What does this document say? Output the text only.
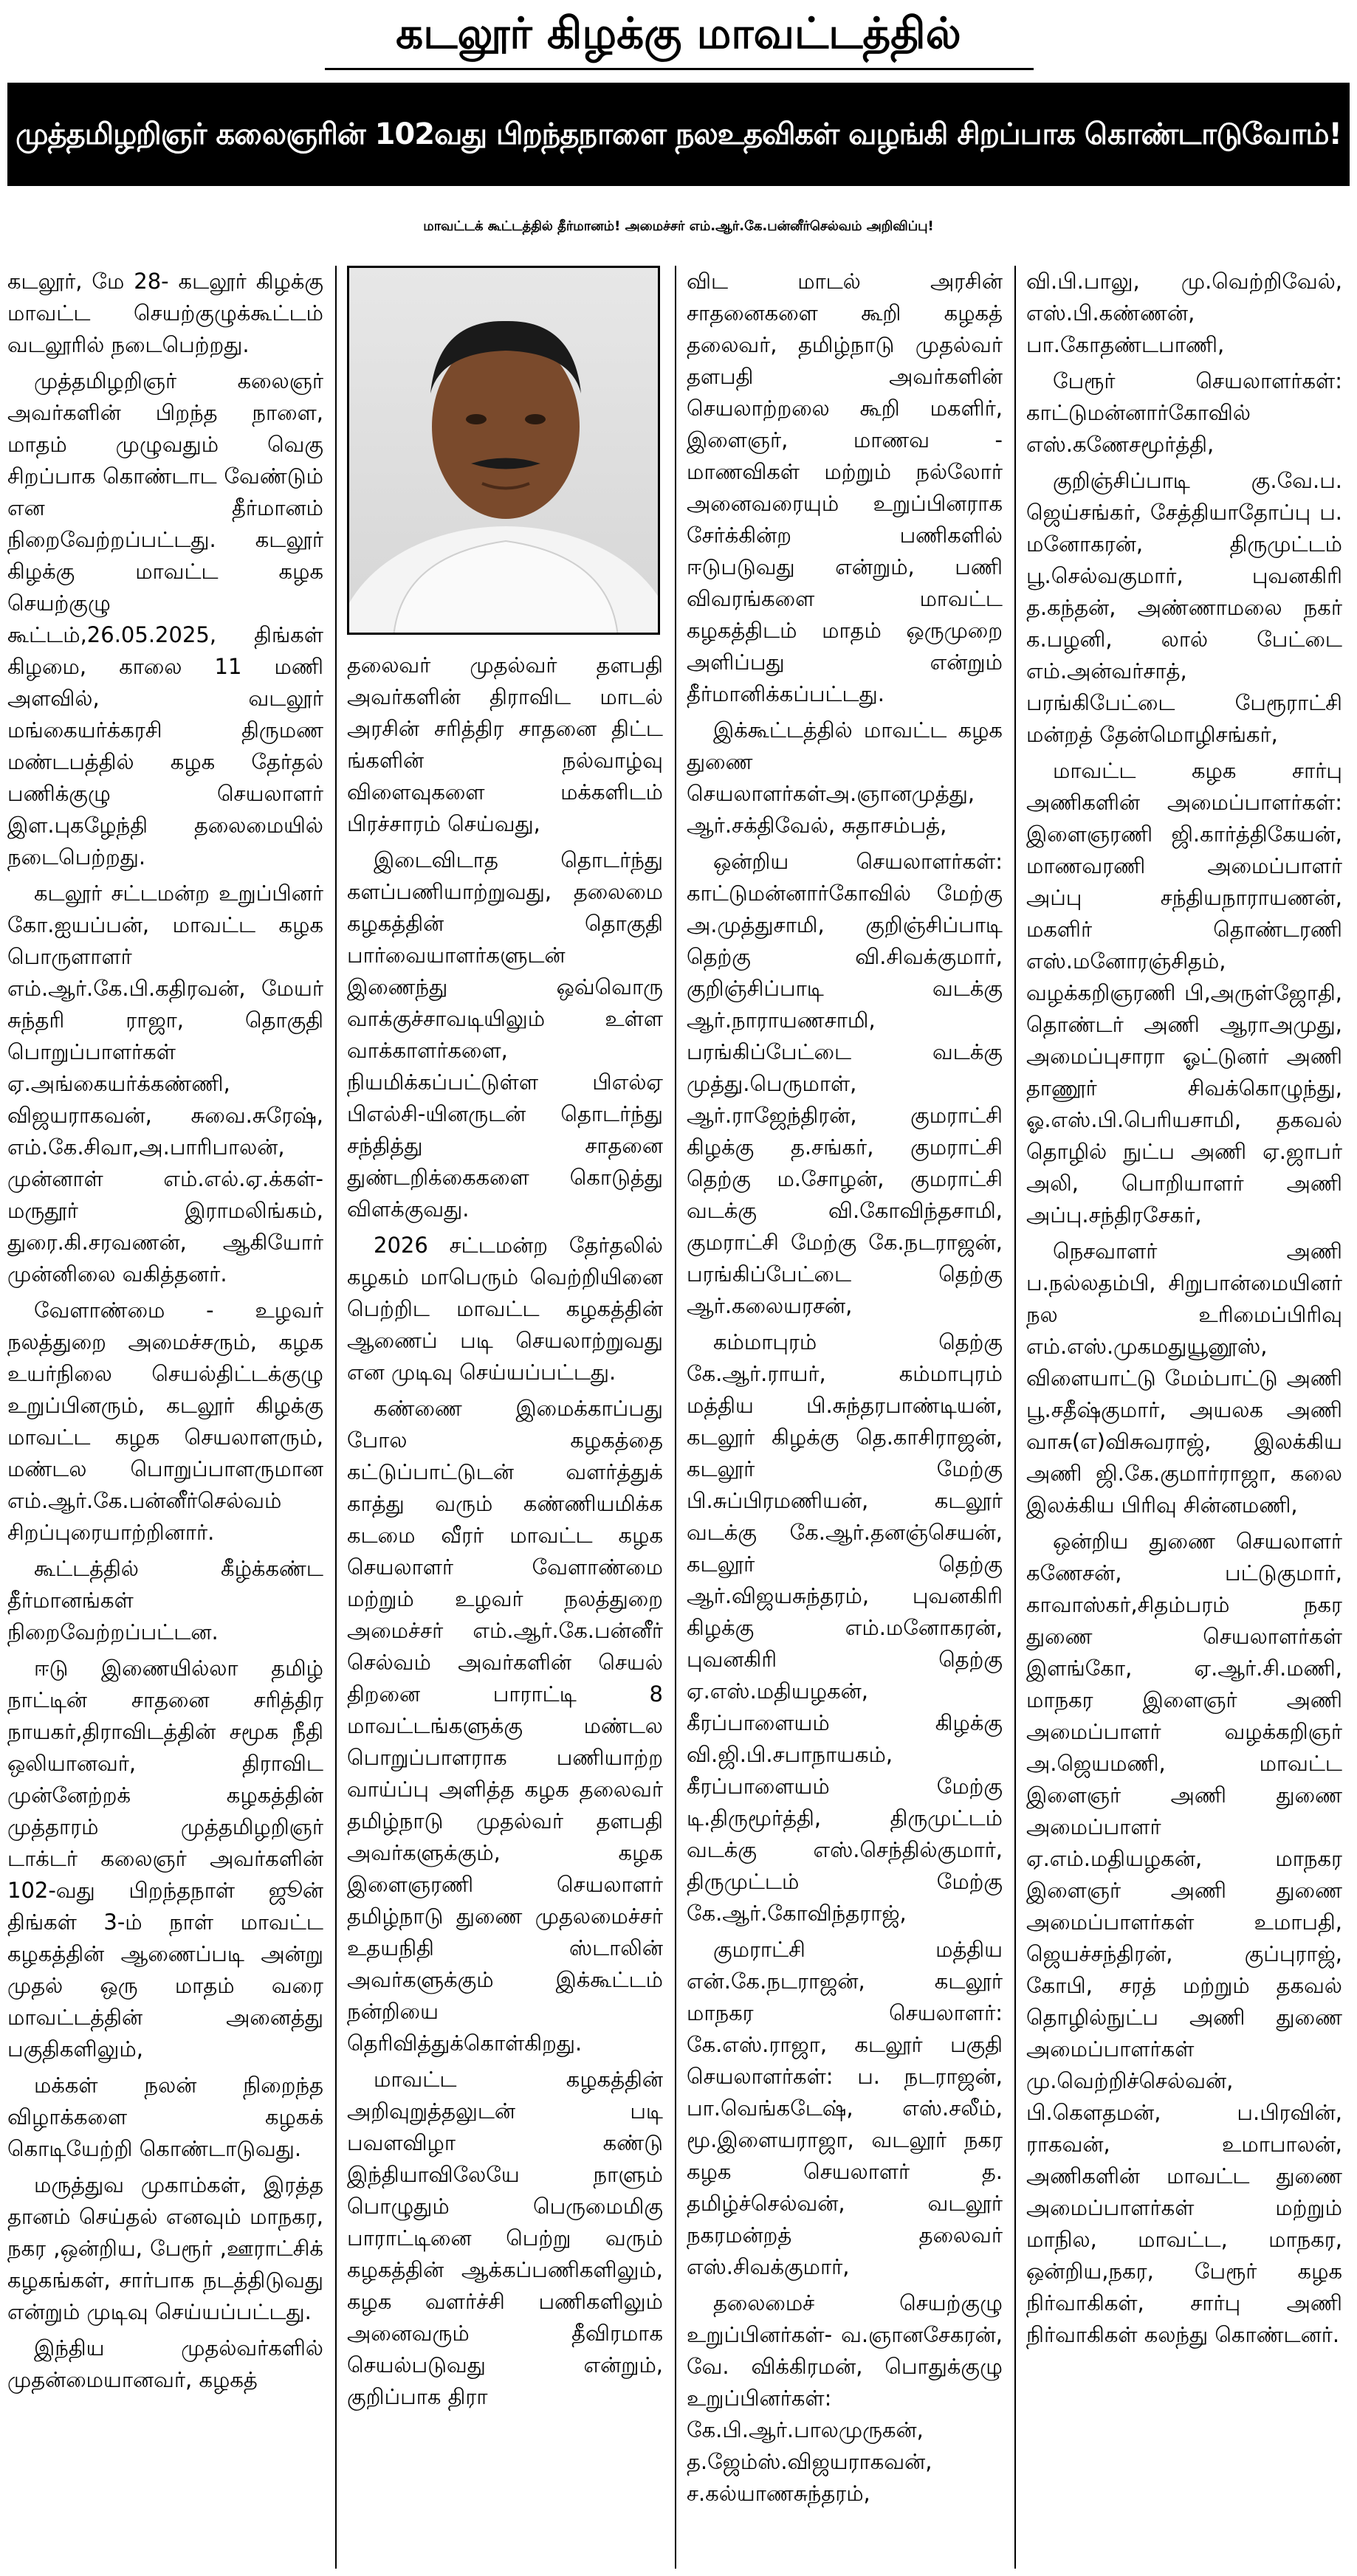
கடலூர் கிழக்கு மாவட்டத்தில்
முத்தமிழறிஞர் கலைஞரின் 102வது பிறந்தநாளை நலஉதவிகள் வழங்கி சிறப்பாக கொண்டாடுவோம்!
மாவட்டக் கூட்டத்தில் தீர்மானம்! அமைச்சர் எம்.ஆர்.கே.பன்னீர்செல்வம் அறிவிப்பு!

கடலூர், மே 28- கடலூர் கிழக்கு மாவட்ட செயற்குழுக்கூட்டம் வடலூரில் நடைபெற்றது.

முத்தமிழறிஞர் கலைஞர் அவர்களின் பிறந்த நாளை, மாதம் முழுவதும் வெகு சிறப்பாக கொண்டாட வேண்டும் என தீர்மானம் நிறைவேற்றப்பட்டது. கடலூர் கிழக்கு மாவட்ட கழக செயற்குழு கூட்டம்,26.05.2025, திங்கள் கிழமை, காலை 11 மணி அளவில், வடலூர் மங்கையர்க்கரசி திருமண மண்டபத்தில் கழக தேர்தல் பணிக்குழு செயலாளர் இள.புகழேந்தி தலைமையில் நடைபெற்றது.

கடலூர் சட்டமன்ற உறுப்பினர் கோ.ஐயப்பன், மாவட்ட கழக பொருளாளர் எம்.ஆர்.கே.பி.கதிரவன், மேயர் சுந்தரி ராஜா, தொகுதி பொறுப்பாளர்கள் ஏ.அங்கையர்க்கண்ணி, விஜயராகவன், சுவை.சுரேஷ், எம்.கே.சிவா,அ.பாரிபாலன், முன்னாள் எம்.எல்.ஏ.க்கள்- மருதூர் இராமலிங்கம், துரை.கி.சரவணன், ஆகியோர் முன்னிலை வகித்தனர்.

வேளாண்மை - உழவர் நலத்துறை அமைச்சரும், கழக உயர்நிலை செயல்திட்டக்குழு உறுப்பினரும், கடலூர் கிழக்கு மாவட்ட கழக செயலாளரும், மண்டல பொறுப்பாளருமான எம்.ஆர்.கே.பன்னீர்செல்வம் சிறப்புரையாற்றினார்.

கூட்டத்தில் கீழ்க்கண்ட தீர்மானங்கள் நிறைவேற்றப்பட்டன.

ஈடு இணையில்லா தமிழ் நாட்டின் சாதனை சரித்திர நாயகர்,திராவிடத்தின் சமூக நீதி ஒலியானவர், திராவிட முன்னேற்றக் கழகத்தின் முத்தாரம் முத்தமிழறிஞர் டாக்டர் கலைஞர் அவர்களின் 102-வது பிறந்தநாள் ஜூன் திங்கள் 3-ம் நாள் மாவட்ட கழகத்தின் ஆணைப்படி அன்று முதல் ஒரு மாதம் வரை மாவட்டத்தின் அனைத்து பகுதிகளிலும்,

மக்கள் நலன் நிறைந்த விழாக்களை கழகக் கொடியேற்றி கொண்டாடுவது.

மருத்துவ முகாம்கள், இரத்த தானம் செய்தல் எனவும் மாநகர, நகர ,ஒன்றிய, பேரூர் ,ஊராட்சிக் கழகங்கள், சார்பாக நடத்திடுவது என்றும் முடிவு செய்யப்பட்டது.

இந்திய முதல்வர்களில் முதன்மையானவர், கழகத்

தலைவர் முதல்வர் தளபதி அவர்களின் திராவிட மாடல் அரசின் சரித்திர சாதனை திட்ட ங்களின் நல்வாழ்வு விளைவுகளை மக்களிடம் பிரச்சாரம் செய்வது,

இடைவிடாத தொடர்ந்து களப்பணியாற்றுவது, தலைமை கழகத்தின் தொகுதி பார்வையாளர்களுடன் இணைந்து ஒவ்வொரு வாக்குச்சாவடியிலும் உள்ள வாக்காளர்களை, நியமிக்கப்பட்டுள்ள பிஎல்ஏ பிஎல்சி-யினருடன் தொடர்ந்து சந்தித்து சாதனை துண்டறிக்கைகளை கொடுத்து விளக்குவது.

2026 சட்டமன்ற தேர்தலில் கழகம் மாபெரும் வெற்றியினை பெற்றிட மாவட்ட கழகத்தின் ஆணைப் படி செயலாற்றுவது என முடிவு செய்யப்பட்டது.

கண்ணை இமைக்காப்பது போல கழகத்தை கட்டுப்பாட்டுடன் வளர்த்துக் காத்து வரும் கண்ணியமிக்க கடமை வீரர் மாவட்ட கழக செயலாளர் வேளாண்மை மற்றும் உழவர் நலத்துறை அமைச்சர் எம்.ஆர்.கே.பன்னீர் செல்வம் அவர்களின் செயல் திறனை பாராட்டி 8 மாவட்டங்களுக்கு மண்டல பொறுப்பாளராக பணியாற்ற வாய்ப்பு அளித்த கழக தலைவர் தமிழ்நாடு முதல்வர் தளபதி அவர்களுக்கும், கழக இளைஞரணி செயலாளர் தமிழ்நாடு துணை முதலமைச்சர் உதயநிதி ஸ்டாலின் அவர்களுக்கும் இக்கூட்டம் நன்றியை தெரிவித்துக்கொள்கிறது.

மாவட்ட கழகத்தின் அறிவுறுத்தலுடன் படி பவளவிழா கண்டு இந்தியாவிலேயே நாளும் பொழுதும் பெருமைமிகு பாராட்டினை பெற்று வரும் கழகத்தின் ஆக்கப்பணிகளிலும், கழக வளர்ச்சி பணிகளிலும் அனைவரும் தீவிரமாக செயல்படுவது என்றும், குறிப்பாக திரா

விட மாடல் அரசின் சாதனைகளை கூறி கழகத் தலைவர், தமிழ்நாடு முதல்வர் தளபதி அவர்களின் செயலாற்றலை கூறி மகளிர், இளைஞர், மாணவ - மாணவிகள் மற்றும் நல்லோர் அனைவரையும் உறுப்பினராக சேர்க்கின்ற பணிகளில் ஈடுபடுவது என்றும், பணி விவரங்களை மாவட்ட கழகத்திடம் மாதம் ஒருமுறை அளிப்பது என்றும் தீர்மானிக்கப்பட்டது.

இக்கூட்டத்தில் மாவட்ட கழக துணை செயலாளர்கள்அ.ஞானமுத்து, ஆர்.சக்திவேல், சுதாசம்பத்,

ஒன்றிய செயலாளர்கள்: காட்டுமன்னார்கோவில் மேற்கு அ.முத்துசாமி, குறிஞ்சிப்பாடி தெற்கு வி.சிவக்குமார், குறிஞ்சிப்பாடி வடக்கு ஆர்.நாராயணசாமி, பரங்கிப்பேட்டை வடக்கு முத்து.பெருமாள், ஆர்.ராஜேந்திரன், குமராட்சி கிழக்கு த.சங்கர், குமராட்சி தெற்கு ம.சோழன், குமராட்சி வடக்கு வி.கோவிந்தசாமி, குமராட்சி மேற்கு கே.நடராஜன், பரங்கிப்பேட்டை தெற்கு ஆர்.கலையரசன்,

கம்மாபுரம் தெற்கு கே.ஆர்.ராயர், கம்மாபுரம் மத்திய பி.சுந்தரபாண்டியன், கடலூர் கிழக்கு தெ.காசிராஜன், கடலூர் மேற்கு பி.சுப்பிரமணியன், கடலூர் வடக்கு கே.ஆர்.தனஞ்செயன், கடலூர் தெற்கு ஆர்.விஜயசுந்தரம், புவனகிரி கிழக்கு எம்.மனோகரன், புவனகிரி தெற்கு ஏ.எஸ்.மதியழகன், கீரப்பாளையம் கிழக்கு வி.ஜி.பி.சபாநாயகம், கீரப்பாளையம் மேற்கு டி.திருமூர்த்தி, திருமுட்டம் வடக்கு எஸ்.செந்தில்குமார், திருமுட்டம் மேற்கு கே.ஆர்.கோவிந்தராஜ்,

குமராட்சி மத்திய என்.கே.நடராஜன், கடலூர் மாநகர செயலாளர்: கே.எஸ்.ராஜா, கடலூர் பகுதி செயலாளர்கள்: ப. நடராஜன், பா.வெங்கடேஷ், எஸ்.சலீம், மூ.இளையராஜா, வடலூர் நகர கழக செயலாளர் த. தமிழ்ச்செல்வன், வடலூர் நகரமன்றத் தலைவர் எஸ்.சிவக்குமார்,

தலைமைச் செயற்குழு உறுப்பினர்கள்- வ.ஞானசேகரன், வே. விக்கிரமன், பொதுக்குழு உறுப்பினர்கள்: கே.பி.ஆர்.பாலமுருகன், த.ஜேம்ஸ்.விஜயராகவன், ச.கல்யாணசுந்தரம்,

வி.பி.பாலு, மு.வெற்றிவேல், எஸ்.பி.கண்ணன், பா.கோதண்டபாணி,

பேரூர் செயலாளர்கள்: காட்டுமன்னார்கோவில் எஸ்.கணேசமூர்த்தி,

குறிஞ்சிப்பாடி கு.வே.ப. ஜெய்சங்கர், சேத்தியாதோப்பு ப. மனோகரன், திருமுட்டம் பூ.செல்வகுமார், புவனகிரி த.கந்தன், அண்ணாமலை நகர் க.பழனி, லால் பேட்டை எம்.அன்வர்சாத், பரங்கிபேட்டை பேரூராட்சி மன்றத் தேன்மொழிசங்கர்,

மாவட்ட கழக சார்பு அணிகளின் அமைப்பாளர்கள்: இளைஞரணி ஜி.கார்த்திகேயன், மாணவரணி அமைப்பாளர் அப்பு சந்தியநாராயணன், மகளிர் தொண்டரணி எஸ்.மனோரஞ்சிதம், வழக்கறிஞரணி பி,அருள்ஜோதி, தொண்டர் அணி ஆராஅமுது, அமைப்புசாரா ஓட்டுனர் அணி தாணூர் சிவக்கொழுந்து, ஓ.எஸ்.பி.பெரியசாமி, தகவல் தொழில் நுட்ப அணி ஏ.ஜாபர் அலி, பொறியாளர் அணி அப்பு.சந்திரசேகர்,

நெசவாளர் அணி ப.நல்லதம்பி, சிறுபான்மையினர் நல உரிமைப்பிரிவு எம்.எஸ்.முகமதுயூனூஸ், விளையாட்டு மேம்பாட்டு அணி பூ.சதீஷ்குமார், அயலக அணி வாசு(எ)விசுவராஜ், இலக்கிய அணி ஜி.கே.குமார்ராஜா, கலை இலக்கிய பிரிவு சின்னமணி,

ஒன்றிய துணை செயலாளர் கணேசன், பட்டுகுமார், காவாஸ்கர்,சிதம்பரம் நகர துணை செயலாளர்கள் இளங்கோ, ஏ.ஆர்.சி.மணி, மாநகர இளைஞர் அணி அமைப்பாளர் வழக்கறிஞர் அ.ஜெயமணி, மாவட்ட இளைஞர் அணி துணை அமைப்பாளர் ஏ.எம்.மதியழகன், மாநகர இளைஞர் அணி துணை அமைப்பாளர்கள் உமாபதி, ஜெயச்சந்திரன், குப்புராஜ், கோபி, சரத் மற்றும் தகவல் தொழில்நுட்ப அணி துணை அமைப்பாளர்கள் மு.வெற்றிச்செல்வன், பி.கௌதமன், ப.பிரவின், ராகவன், உமாபாலன், அணிகளின் மாவட்ட துணை அமைப்பாளர்கள் மற்றும் மாநில, மாவட்ட, மாநகர, ஒன்றிய,நகர, பேரூர் கழக நிர்வாகிகள், சார்பு அணி நிர்வாகிகள் கலந்து கொண்டனர்.
